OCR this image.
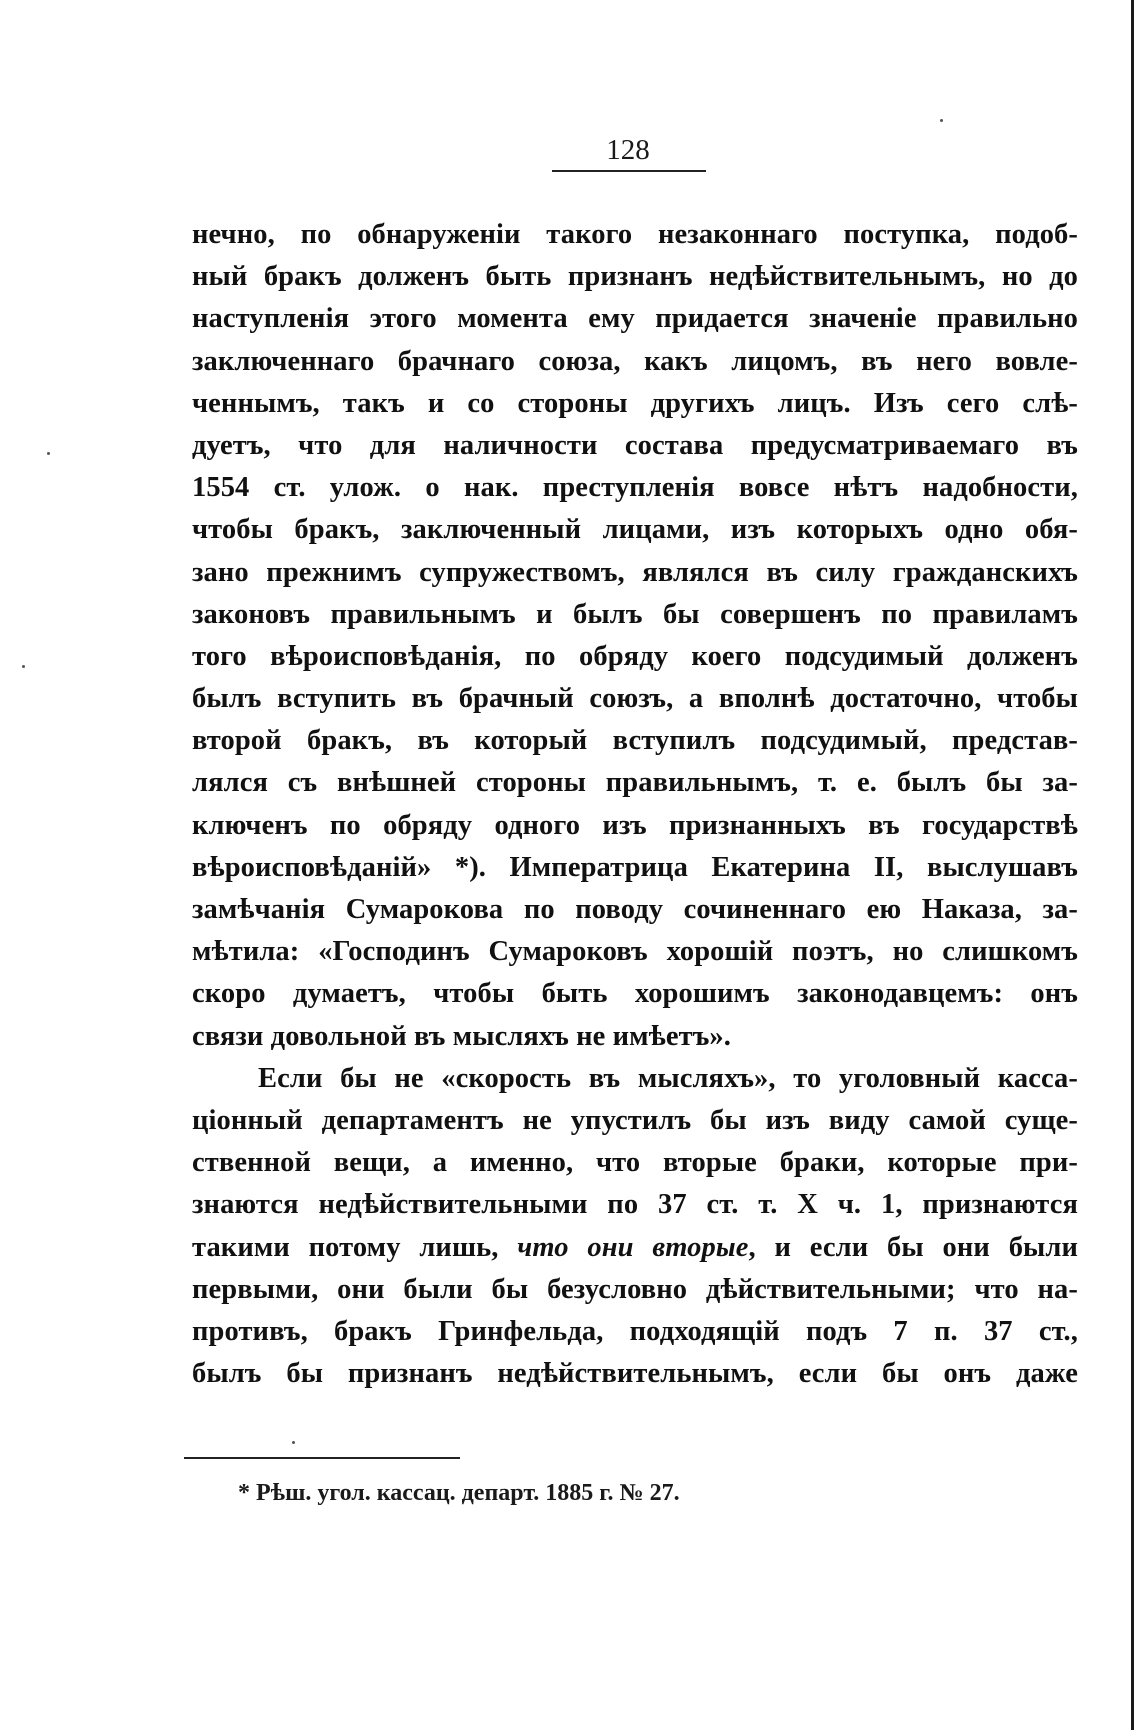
128
нечно, по обнаруженіи такого незаконнаго поступка, подоб-
ный бракъ долженъ быть признанъ недѣйствительнымъ, но до
наступленія этого момента ему придается значеніе правильно
заключеннаго брачнаго союза, какъ лицомъ, въ него вовле-
ченнымъ, такъ и со стороны другихъ лицъ. Изъ сего слѣ-
дуетъ, что для наличности состава предусматриваемаго въ
1554 ст. улож. о нак. преступленія вовсе нѣтъ надобности,
чтобы бракъ, заключенный лицами, изъ которыхъ одно обя-
зано прежнимъ супружествомъ, являлся въ силу гражданскихъ
законовъ правильнымъ и былъ бы совершенъ по правиламъ
того вѣроисповѣданія, по обряду коего подсудимый долженъ
былъ вступить въ брачный союзъ, а вполнѣ достаточно, чтобы
второй бракъ, въ который вступилъ подсудимый, представ-
лялся съ внѣшней стороны правильнымъ, т. е. былъ бы за-
ключенъ по обряду одного изъ признанныхъ въ государствѣ
вѣроисповѣданій» *). Императрица Екатерина II, выслушавъ
замѣчанія Сумарокова по поводу сочиненнаго ею Наказа, за-
мѣтила: «Господинъ Сумароковъ хорошій поэтъ, но слишкомъ
скоро думаетъ, чтобы быть хорошимъ законодавцемъ: онъ
связи довольной въ мысляхъ не имѣетъ».
Если бы не «скорость въ мысляхъ», то уголовный касса-
ціонный департаментъ не упустилъ бы изъ виду самой суще-
ственной вещи, а именно, что вторые браки, которые при-
знаются недѣйствительными по 37 ст. т. X ч. 1, признаются
такими потому лишь, что они вторые, и если бы они были
первыми, они были бы безусловно дѣйствительными; что на-
противъ, бракъ Гринфельда, подходящій подъ 7 п. 37 ст.,
былъ бы признанъ недѣйствительнымъ, если бы онъ даже
* Рѣш. угол. кассац. департ. 1885 г. № 27.
